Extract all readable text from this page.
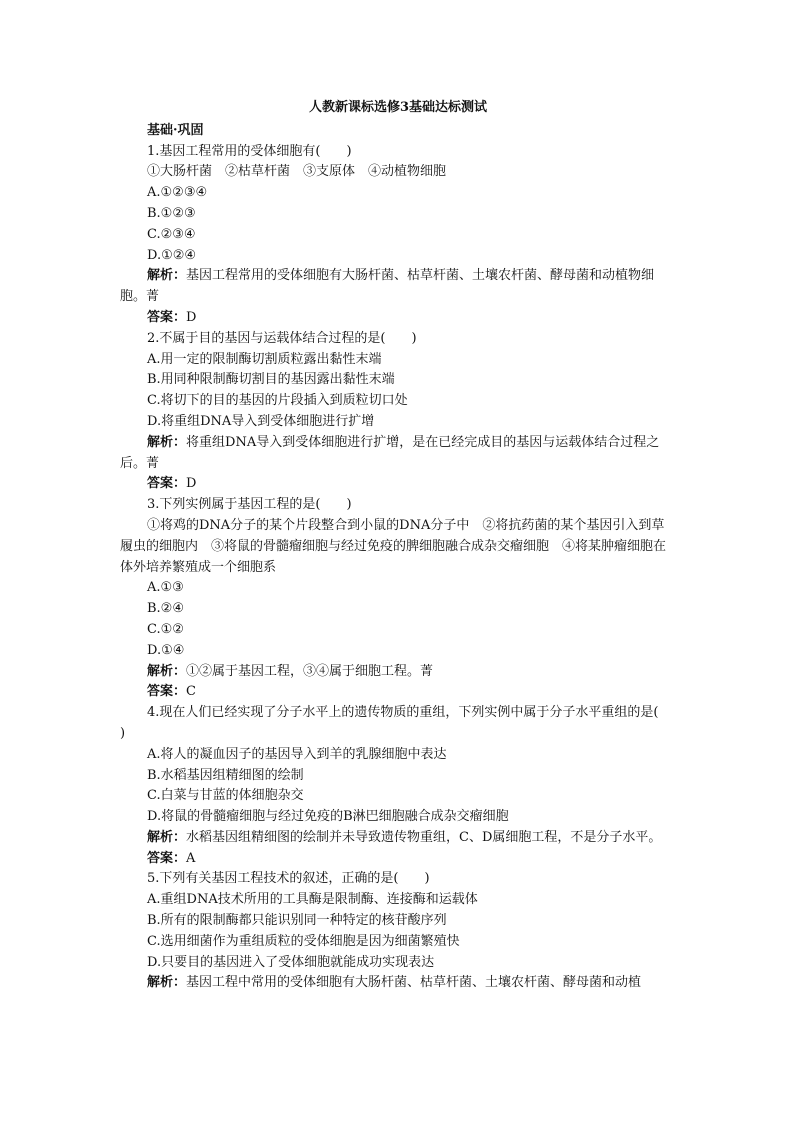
人教新课标选修3基础达标测试

基础·巩固

1.基因工程常用的受体细胞有(　　)

①大肠杆菌　②枯草杆菌　③支原体　④动植物细胞

A.①②③④

B.①②③

C.②③④

D.①②④

解析：基因工程常用的受体细胞有大肠杆菌、枯草杆菌、土壤农杆菌、酵母菌和动植物细胞。菁

答案：D

2.不属于目的基因与运载体结合过程的是(　　)

A.用一定的限制酶切割质粒露出黏性末端

B.用同种限制酶切割目的基因露出黏性末端

C.将切下的目的基因的片段插入到质粒切口处

D.将重组DNA导入到受体细胞进行扩增

解析：将重组DNA导入到受体细胞进行扩增，是在已经完成目的基因与运载体结合过程之后。菁

答案：D

3.下列实例属于基因工程的是(　　)

①将鸡的DNA分子的某个片段整合到小鼠的DNA分子中　②将抗药菌的某个基因引入到草履虫的细胞内　③将鼠的骨髓瘤细胞与经过免疫的脾细胞融合成杂交瘤细胞　④将某肿瘤细胞在体外培养繁殖成一个细胞系

A.①③

B.②④

C.①②

D.①④

解析：①②属于基因工程，③④属于细胞工程。菁

答案：C

4.现在人们已经实现了分子水平上的遗传物质的重组，下列实例中属于分子水平重组的是(　　)

A.将人的凝血因子的基因导入到羊的乳腺细胞中表达

B.水稻基因组精细图的绘制

C.白菜与甘蓝的体细胞杂交

D.将鼠的骨髓瘤细胞与经过免疫的B淋巴细胞融合成杂交瘤细胞

解析：水稻基因组精细图的绘制并未导致遗传物重组，C、D属细胞工程，不是分子水平。

答案：A

5.下列有关基因工程技术的叙述，正确的是(　　)

A.重组DNA技术所用的工具酶是限制酶、连接酶和运载体

B.所有的限制酶都只能识别同一种特定的核苷酸序列

C.选用细菌作为重组质粒的受体细胞是因为细菌繁殖快

D.只要目的基因进入了受体细胞就能成功实现表达

解析：基因工程中常用的受体细胞有大肠杆菌、枯草杆菌、土壤农杆菌、酵母菌和动植
